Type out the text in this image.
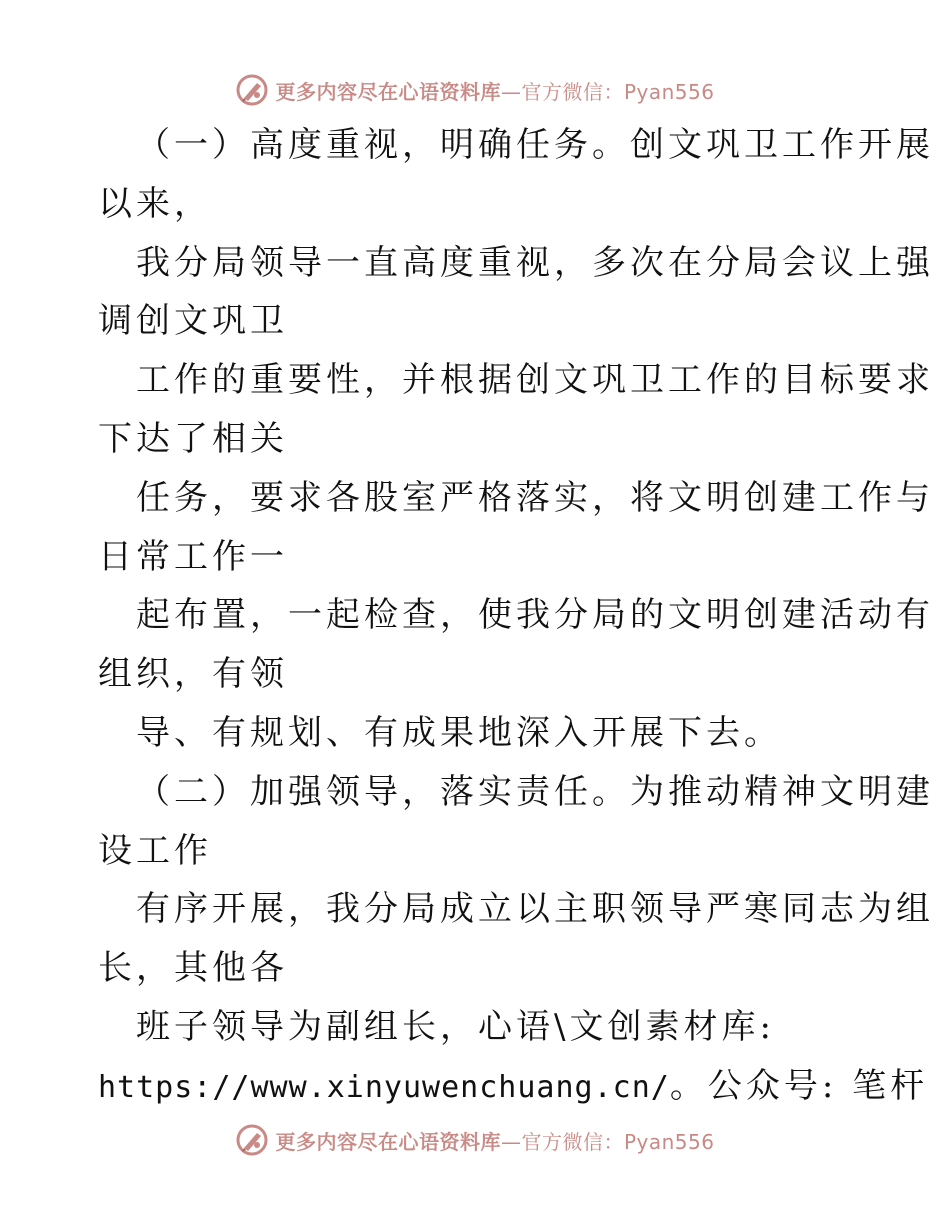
更多内容尽在心语资料库—官方微信：Pyan556
（一）高度重视，明确任务。创文巩卫工作开展
以来，
我分局领导一直高度重视，多次在分局会议上强
调创文巩卫
工作的重要性，并根据创文巩卫工作的目标要求
下达了相关
任务，要求各股室严格落实，将文明创建工作与
日常工作一
起布置，一起检查，使我分局的文明创建活动有
组织，有领
导、有规划、有成果地深入开展下去。
（二）加强领导，落实责任。为推动精神文明建
设工作
有序开展，我分局成立以主职领导严寒同志为组
长，其他各
班子领导为副组长，心语\文创素材库:
https://www.xinyuwenchuang.cn/。公众号: 笔杆
更多内容尽在心语资料库—官方微信：Pyan556
